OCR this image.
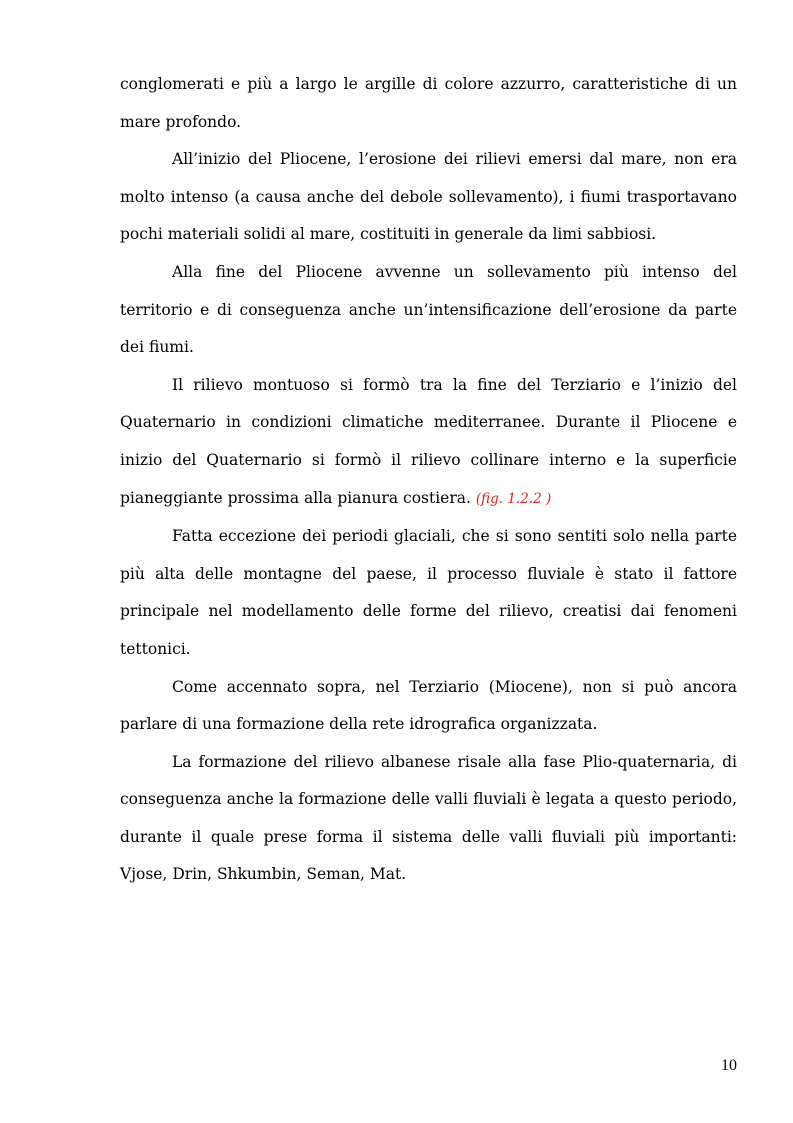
conglomerati e più a largo le argille di colore azzurro, caratteristiche di un mare profondo.

All’inizio del Pliocene, l’erosione dei rilievi emersi dal mare, non era molto intenso (a causa anche del debole sollevamento), i fiumi trasportavano pochi materiali solidi al mare, costituiti in generale da limi sabbiosi.

Alla fine del Pliocene avvenne un sollevamento più intenso del territorio e di conseguenza anche un’intensificazione dell’erosione da parte dei fiumi.

Il rilievo montuoso si formò tra la fine del Terziario e l’inizio del Quaternario in condizioni climatiche mediterranee. Durante il Pliocene e inizio del Quaternario si formò il rilievo collinare interno e la superficie pianeggiante prossima alla pianura costiera. (fig. 1.2.2 )

Fatta eccezione dei periodi glaciali, che si sono sentiti solo nella parte più alta delle montagne del paese, il processo fluviale è stato il fattore principale nel modellamento delle forme del rilievo, creatisi dai fenomeni tettonici.

Come accennato sopra, nel Terziario (Miocene), non si può ancora parlare di una formazione della rete idrografica organizzata.

La formazione del rilievo albanese risale alla fase Plio-quaternaria, di conseguenza anche la formazione delle valli fluviali è legata a questo periodo, durante il quale prese forma il sistema delle valli fluviali più importanti: Vjose, Drin, Shkumbin, Seman, Mat.

10
